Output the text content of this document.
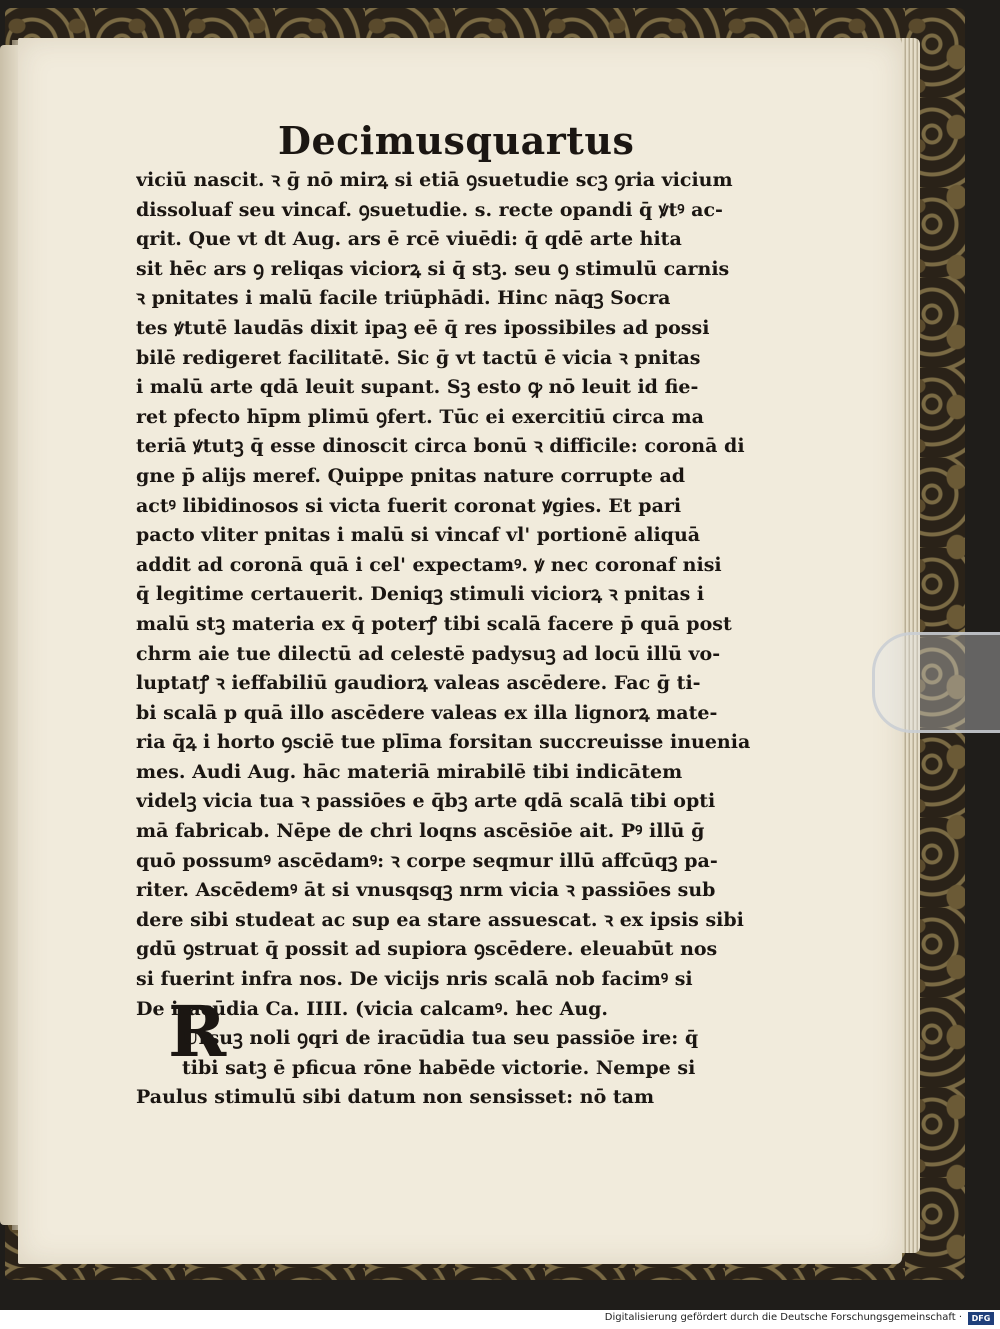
Decimusquartus
R
viciū nascit. ꝛ ḡ nō mirꝝ si etiā ꝯsuetudie scꝫ ꝯria vicium
dissoluaf seu vincaf. ꝯsuetudie. s. recte opandi q̄ ꝟtꝰ ac-
qrit. Que vt dt Aug. ars ē rcē viuēdi: q̄ qdē arte hita
sit hēc ars ꝯ reliqas viciorꝝ si q̄ stꝫ. seu ꝯ stimulū carnis
ꝛ pnitates i malū facile triūphādi. Hinc nāqꝫ Socra
tes ꝟtutē laudās dixit ipaꝫ eē q̄ res ipossibiles ad possi
bilē redigeret facilitatē. Sic ḡ vt tactū ē vicia ꝛ pnitas
i malū arte qdā leuit supant. Sꝫ esto ꝙ nō leuit id fie-
ret pfecto hīpm plimū ꝯfert. Tūc ei exercitiū circa ma
teriā ꝟtutꝫ q̄ esse dinoscit circa bonū ꝛ difficile: coronā di
gne p̄ alijs meref. Quippe pnitas nature corrupte ad
actꝰ libidinosos si victa fuerit coronat ꝟgies. Et pari
pacto vliter pnitas i malū si vincaf vl' portionē aliquā
addit ad coronā quā i cel' expectamꝰ. ꝟ nec coronaf nisi
q̄ legitime certauerit. Deniqꝫ stimuli viciorꝝ ꝛ pnitas i
malū stꝫ materia ex q̄ poterꝭ tibi scalā facere p̄ quā post
chrm aie tue dilectū ad celestē padysuꝫ ad locū illū vo-
luptatꝭ ꝛ ieffabiliū gaudiorꝝ valeas ascēdere. Fac ḡ ti-
bi scalā p quā illo ascēdere valeas ex illa lignorꝝ mate-
ria q̄ꝝ i horto ꝯsciē tue plīma forsitan succreuisse inuenia
mes. Audi Aug. hāc materiā mirabilē tibi indicātem
videlꝫ vicia tua ꝛ passiōes e q̄bꝫ arte qdā scalā tibi opti
mā fabricab. Nēpe de chri loqns ascēsiōe ait. Pꝰ illū ḡ
quō possumꝰ ascēdamꝰ: ꝛ corpe seqmur illū affcūqꝫ pa-
riter. Ascēdemꝰ āt si vnusqsqꝫ nrm vicia ꝛ passiōes sub
dere sibi studeat ac sup ea stare assuescat. ꝛ ex ipsis sibi
gdū ꝯstruat q̄ possit ad supiora ꝯscēdere. eleuabūt nos
si fuerint infra nos. De vicijs nris scalā nob facimꝰ si
De iracūdia Ca. IIII. (vicia calcamꝰ. hec Aug.
Ursuꝫ noli ꝯqri de iracūdia tua seu passiōe ire: q̄
tibi satꝫ ē pficua rōne habēde victorie. Nempe si
Paulus stimulū sibi datum non sensisset: nō tam
Digitalisierung gefördert durch die Deutsche Forschungsgemeinschaft ·	DFG
